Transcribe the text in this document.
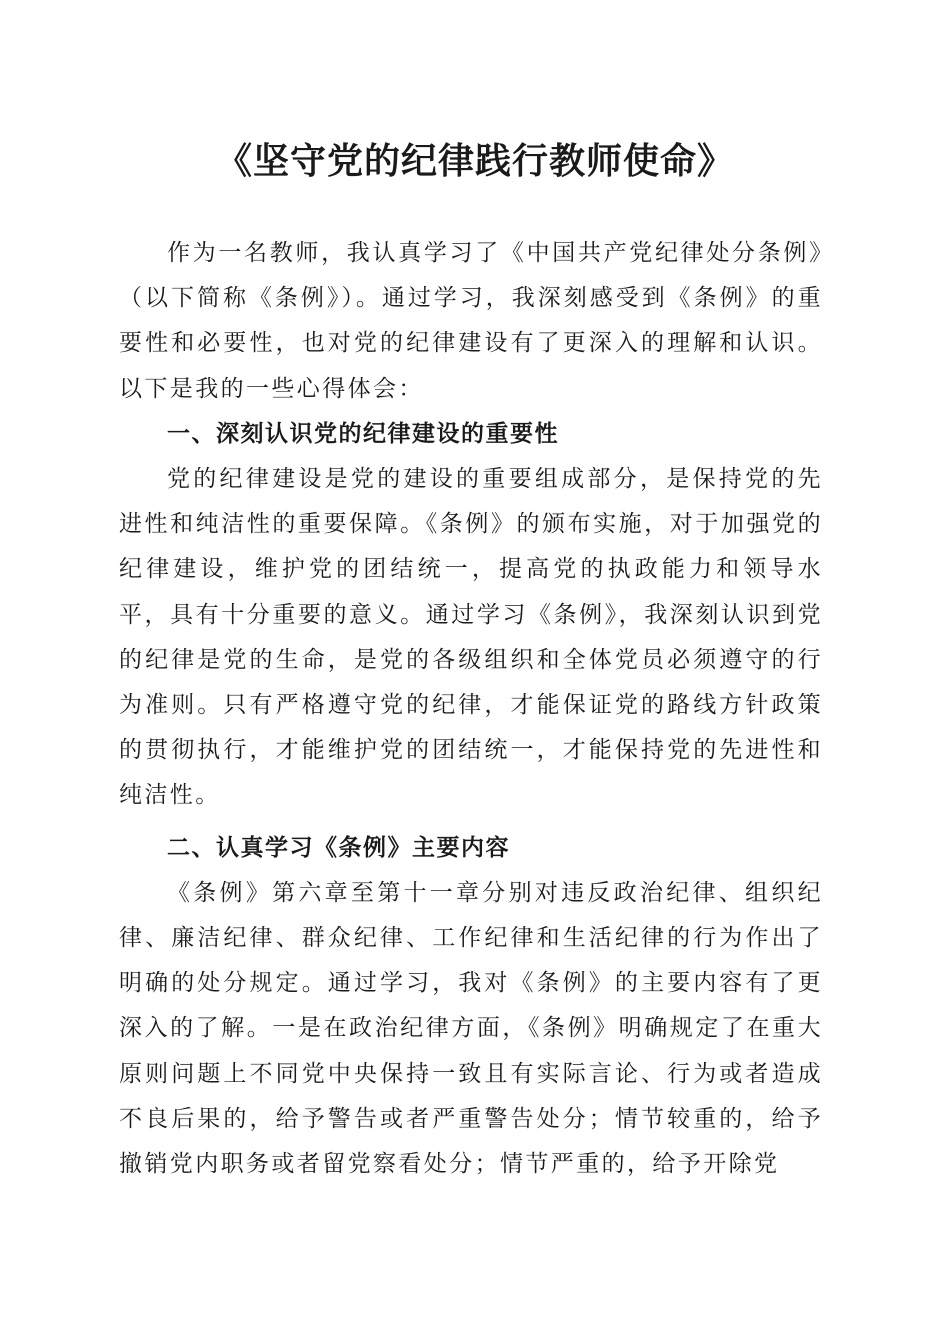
《坚守党的纪律践行教师使命》

作为一名教师，我认真学习了《中国共产党纪律处分条例》（以下简称《条例》）。通过学习，我深刻感受到《条例》的重要性和必要性，也对党的纪律建设有了更深入的理解和认识。以下是我的一些心得体会：

一、深刻认识党的纪律建设的重要性

党的纪律建设是党的建设的重要组成部分，是保持党的先进性和纯洁性的重要保障。《条例》的颁布实施，对于加强党的纪律建设，维护党的团结统一，提高党的执政能力和领导水平，具有十分重要的意义。通过学习《条例》，我深刻认识到党的纪律是党的生命，是党的各级组织和全体党员必须遵守的行为准则。只有严格遵守党的纪律，才能保证党的路线方针政策的贯彻执行，才能维护党的团结统一，才能保持党的先进性和纯洁性。

二、认真学习《条例》主要内容

《条例》第六章至第十一章分别对违反政治纪律、组织纪律、廉洁纪律、群众纪律、工作纪律和生活纪律的行为作出了明确的处分规定。通过学习，我对《条例》的主要内容有了更深入的了解。一是在政治纪律方面，《条例》明确规定了在重大原则问题上不同党中央保持一致且有实际言论、行为或者造成不良后果的，给予警告或者严重警告处分；情节较重的，给予撤销党内职务或者留党察看处分；情节严重的，给予开除党
